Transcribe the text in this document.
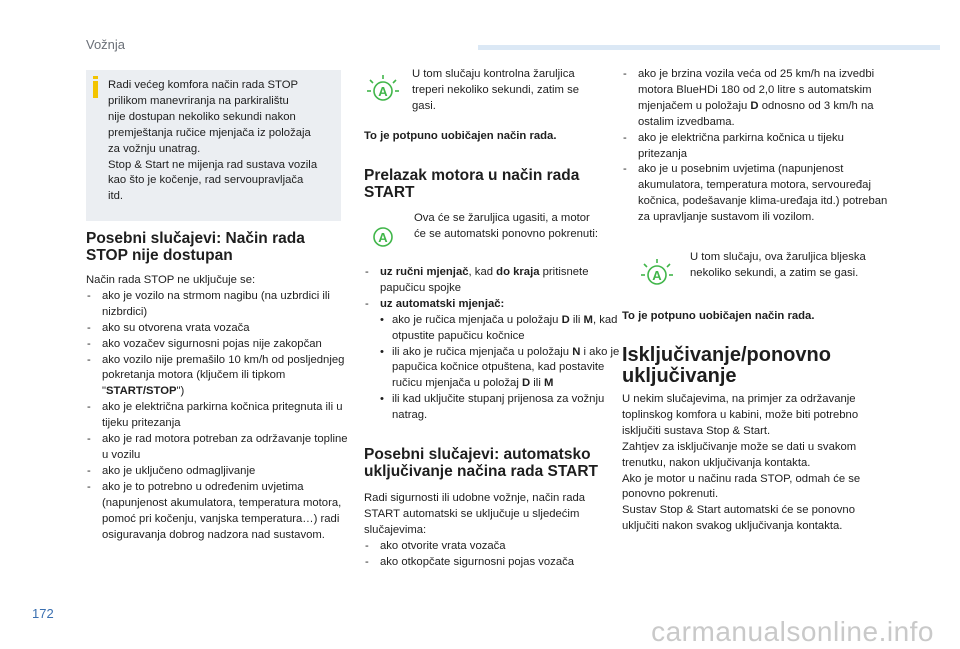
Vožnja
172
carmanualsonline.info
Radi većeg komfora način rada STOP
prilikom manevriranja na parkiralištu
nije dostupan nekoliko sekundi nakon
premještanja ručice mjenjača iz položaja
za vožnju unatrag.
Stop & Start ne mijenja rad sustava vozila
kao što je kočenje, rad servoupravljača
itd.
Posebni slučajevi: Način rada
STOP nije dostupan

Način rada STOP ne uključuje se:

- ako je vozilo na strmom nagibu (na uzbrdici ili nizbrdici)
- ako su otvorena vrata vozača
- ako vozačev sigurnosni pojas nije zakopčan
- ako vozilo nije premašilo 10 km/h od posljednjeg pokretanja motora (ključem ili tipkom "START/STOP")
- ako je električna parkirna kočnica pritegnuta ili u tijeku pritezanja
- ako je rad motora potreban za održavanje topline u vozilu
- ako je uključeno odmagljivanje
- ako je to potrebno u određenim uvjetima (napunjenost akumulatora, temperatura motora, pomoć pri kočenju, vanjska temperatura…) radi osiguravanja dobrog nadzora nad sustavom.
A
U tom slučaju kontrolna žaruljica
treperi nekoliko sekundi, zatim se
gasi.
To je potpuno uobičajen način rada.
Prelazak motora u način rada
START
A
Ova će se žaruljica ugasiti, a motor
će se automatski ponovno pokrenuti:
- uz ručni mjenjač, kad do kraja pritisnete papučicu spojke
- uz automatski mjenjač:
• ako je ručica mjenjača u položaju D ili M, kad otpustite papučicu kočnice
• ili ako je ručica mjenjača u položaju N i ako je papučica kočnice otpuštena, kad postavite ručicu mjenjača u položaj D ili M
• ili kad uključite stupanj prijenosa za vožnju natrag.
Posebni slučajevi: automatsko
uključivanje načina rada START
Radi sigurnosti ili udobne vožnje, način rada
START automatski se uključuje u sljedećim
slučajevima:
- ako otvorite vrata vozača
- ako otkopčate sigurnosni pojas vozača
- ako je brzina vozila veća od 25 km/h na izvedbi motora BlueHDi 180 od 2,0 litre s automatskim mjenjačem u položaju D odnosno od 3 km/h na ostalim izvedbama.
- ako je električna parkirna kočnica u tijeku pritezanja
- ako je u posebnim uvjetima (napunjenost akumulatora, temperatura motora, servouređaj kočnica, podešavanje klima-uređaja itd.) potreban za upravljanje sustavom ili vozilom.
A
U tom slučaju, ova žaruljica bljeska
nekoliko sekundi, a zatim se gasi.
To je potpuno uobičajen način rada.
Isključivanje/ponovno
uključivanje
U nekim slučajevima, na primjer za održavanje
toplinskog komfora u kabini, može biti potrebno
isključiti sustava Stop & Start.
Zahtjev za isključivanje može se dati u svakom
trenutku, nakon uključivanja kontakta.
Ako je motor u načinu rada STOP, odmah će se
ponovno pokrenuti.
Sustav Stop & Start automatski će se ponovno
uključiti nakon svakog uključivanja kontakta.
